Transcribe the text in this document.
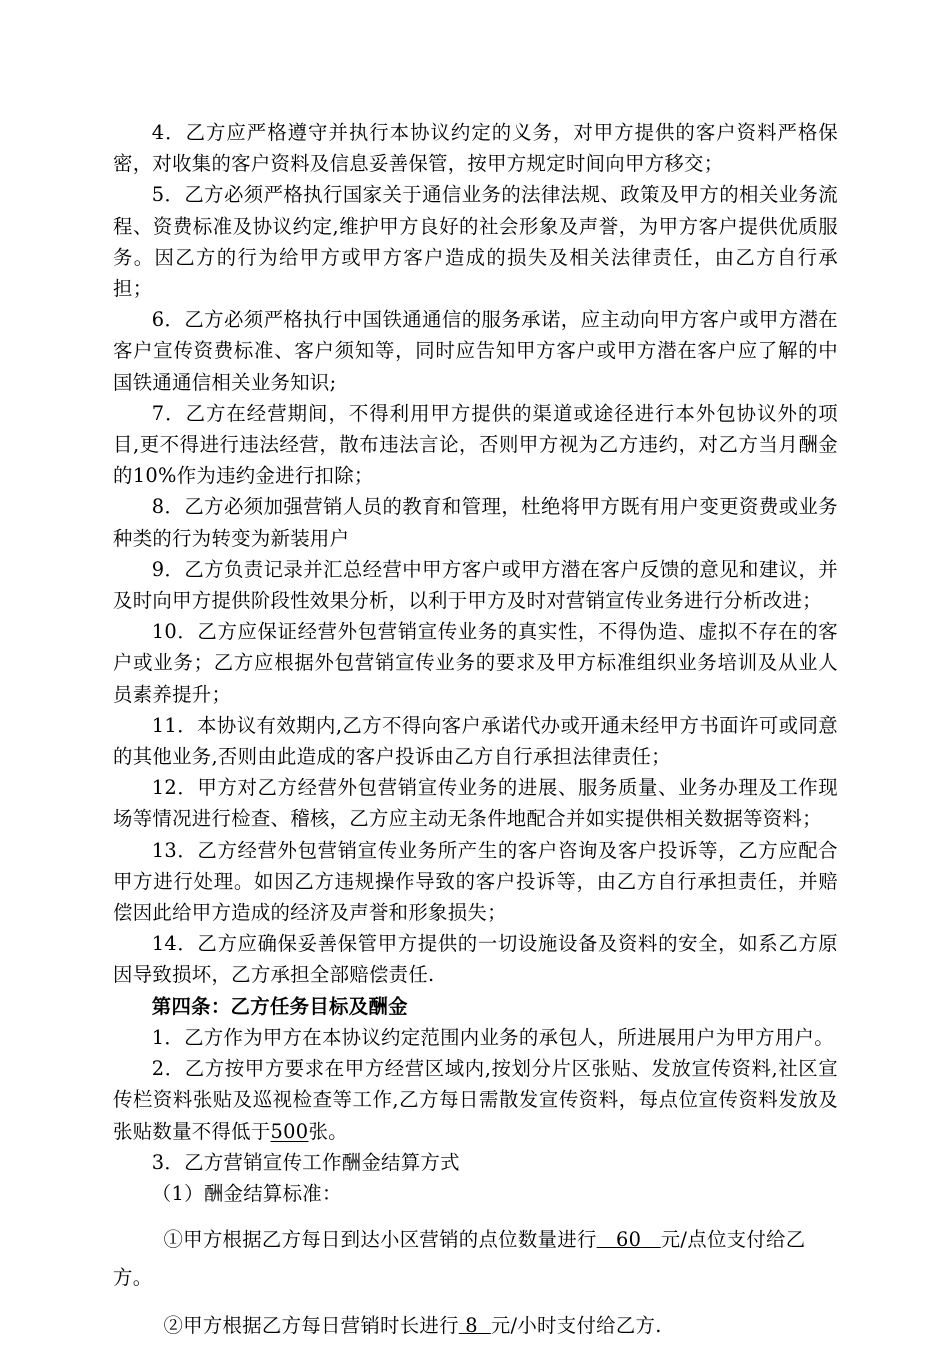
4．乙方应严格遵守并执行本协议约定的义务，对甲方提供的客户资料严格保密，对收集的客户资料及信息妥善保管，按甲方规定时间向甲方移交；

5．乙方必须严格执行国家关于通信业务的法律法规、政策及甲方的相关业务流程、资费标准及协议约定,维护甲方良好的社会形象及声誉，为甲方客户提供优质服务。因乙方的行为给甲方或甲方客户造成的损失及相关法律责任，由乙方自行承担；

6．乙方必须严格执行中国铁通通信的服务承诺，应主动向甲方客户或甲方潜在客户宣传资费标准、客户须知等，同时应告知甲方客户或甲方潜在客户应了解的中国铁通通信相关业务知识;

7．乙方在经营期间，不得利用甲方提供的渠道或途径进行本外包协议外的项目,更不得进行违法经营，散布违法言论，否则甲方视为乙方违约，对乙方当月酬金的10%作为违约金进行扣除；

8．乙方必须加强营销人员的教育和管理，杜绝将甲方既有用户变更资费或业务种类的行为转变为新装用户

9．乙方负责记录并汇总经营中甲方客户或甲方潜在客户反馈的意见和建议，并及时向甲方提供阶段性效果分析，以利于甲方及时对营销宣传业务进行分析改进；

10．乙方应保证经营外包营销宣传业务的真实性，不得伪造、虚拟不存在的客户或业务；乙方应根据外包营销宣传业务的要求及甲方标准组织业务培训及从业人员素养提升；

11．本协议有效期内,乙方不得向客户承诺代办或开通未经甲方书面许可或同意的其他业务,否则由此造成的客户投诉由乙方自行承担法律责任；

12．甲方对乙方经营外包营销宣传业务的进展、服务质量、业务办理及工作现场等情况进行检查、稽核，乙方应主动无条件地配合并如实提供相关数据等资料；

13．乙方经营外包营销宣传业务所产生的客户咨询及客户投诉等，乙方应配合甲方进行处理。如因乙方违规操作导致的客户投诉等，由乙方自行承担责任，并赔偿因此给甲方造成的经济及声誉和形象损失；

14．乙方应确保妥善保管甲方提供的一切设施设备及资料的安全，如系乙方原因导致损坏，乙方承担全部赔偿责任.

第四条：乙方任务目标及酬金

1．乙方作为甲方在本协议约定范围内业务的承包人，所进展用户为甲方用户。

2．乙方按甲方要求在甲方经营区域内,按划分片区张贴、发放宣传资料,社区宣传栏资料张贴及巡视检查等工作,乙方每日需散发宣传资料，每点位宣传资料发放及张贴数量不得低于500张。

3．乙方营销宣传工作酬金结算方式

（1）酬金结算标准：

①甲方根据乙方每日到达小区营销的点位数量进行 60 元/点位支付给乙方。

②甲方根据乙方每日营销时长进行 8 元/小时支付给乙方.
